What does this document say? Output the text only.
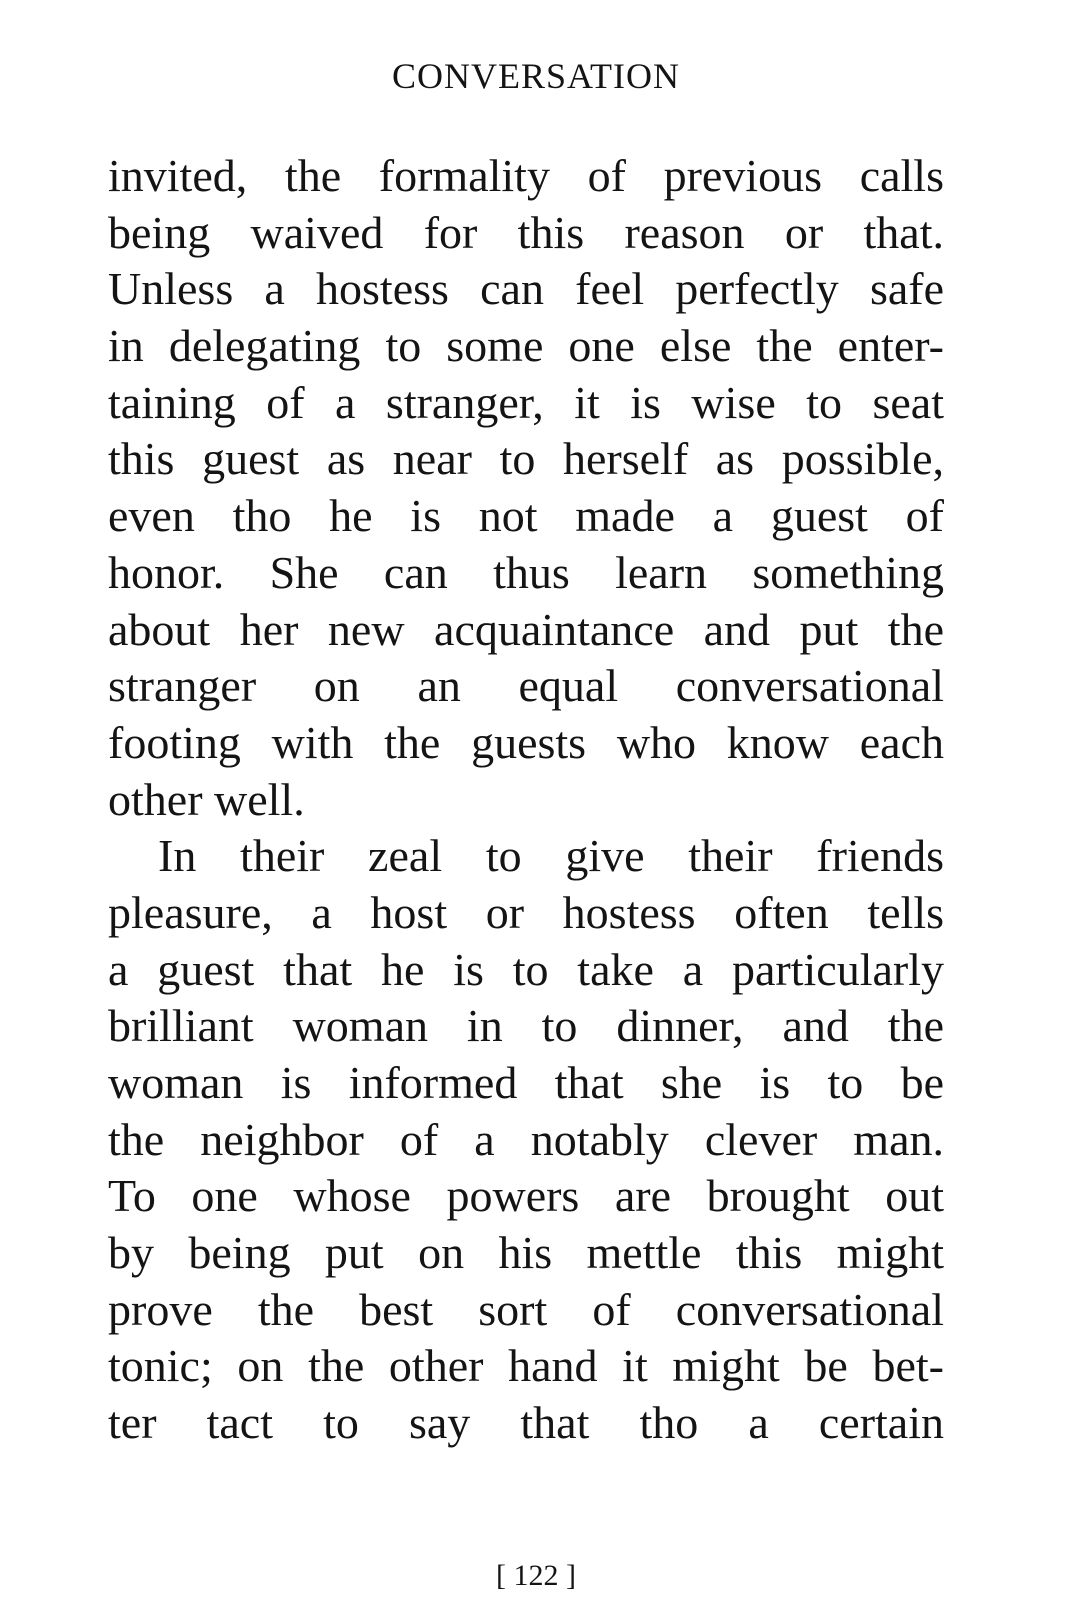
CONVERSATION
invited, the formality of previous calls
being waived for this reason or that.
Unless a hostess can feel perfectly safe
in delegating to some one else the enter-
taining of a stranger, it is wise to seat
this guest as near to herself as possible,
even tho he is not made a guest of
honor. She can thus learn something
about her new acquaintance and put the
stranger on an equal conversational
footing with the guests who know each
other well.
In their zeal to give their friends
pleasure, a host or hostess often tells
a guest that he is to take a particularly
brilliant woman in to dinner, and the
woman is informed that she is to be
the neighbor of a notably clever man.
To one whose powers are brought out
by being put on his mettle this might
prove the best sort of conversational
tonic; on the other hand it might be bet-
ter tact to say that tho a certain
[ 122 ]
